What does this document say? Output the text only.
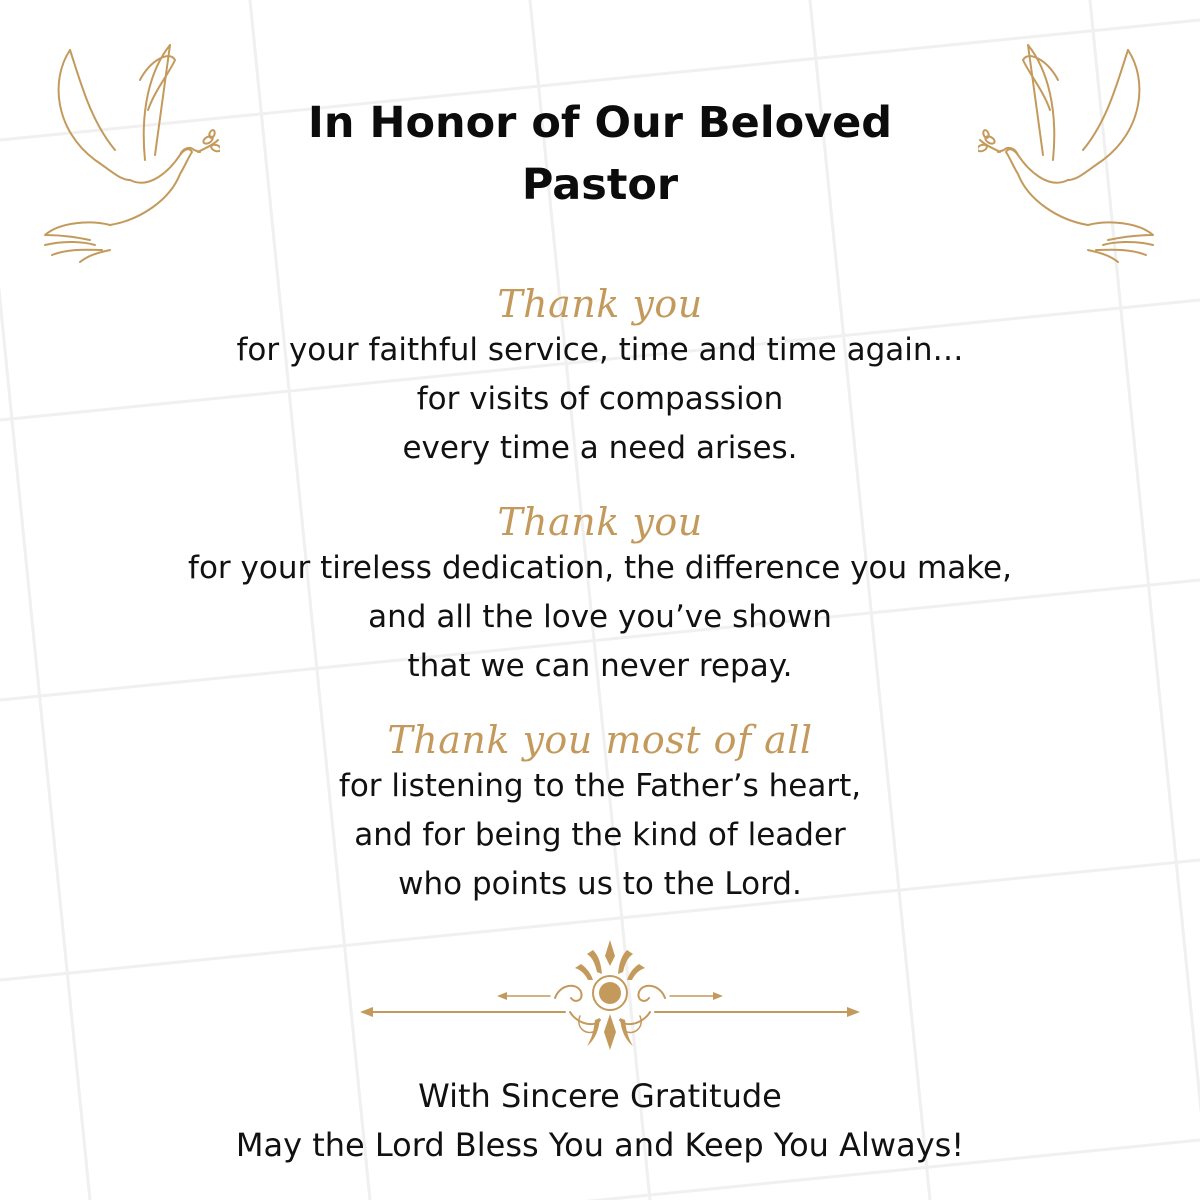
In Honor of Our Beloved
Pastor
Thank you
for your faithful service, time and time again…
for visits of compassion
every time a need arises.
Thank you
for your tireless dedication, the difference you make,
and all the love you’ve shown
that we can never repay.
Thank you most of all
for listening to the Father’s heart,
and for being the kind of leader
who points us to the Lord.
With Sincere Gratitude
May the Lord Bless You and Keep You Always!
